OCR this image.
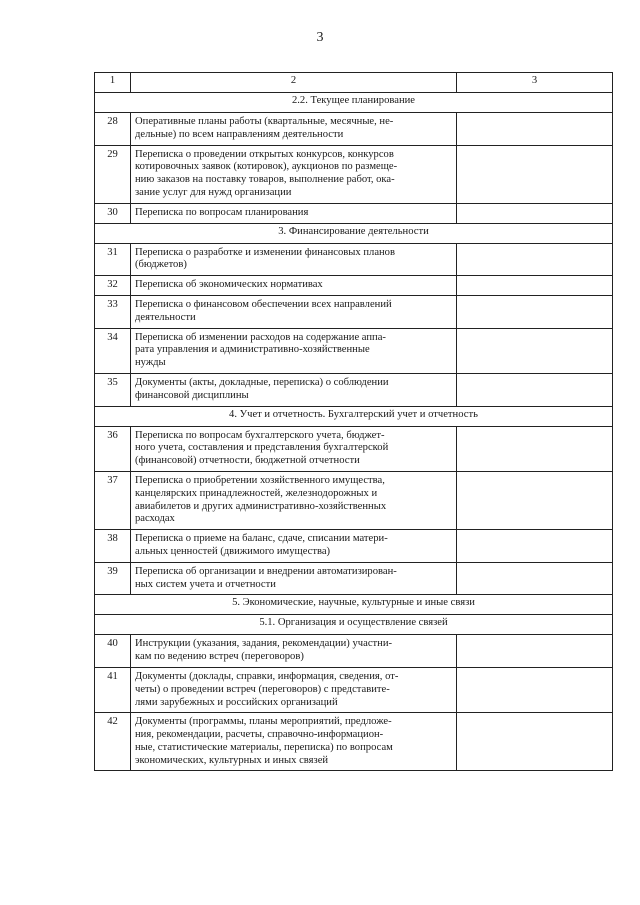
3
1	2	3
2.2. Текущее планирование		
28	Оперативные планы работы (квартальные, месячные, не-
дельные) по всем направлениям деятельности	

29	Переписка о проведении открытых конкурсов, конкурсов
котировочных заявок (котировок), аукционов по размеще-
нию заказов на поставку товаров, выполнение работ, ока-
зание услуг для нужд организации	

30	Переписка по вопросам планирования	

3. Финансирование деятельности		
31	Переписка о разработке и изменении финансовых планов
(бюджетов)	

32	Переписка об экономических нормативах	

33	Переписка о финансовом обеспечении всех направлений
деятельности	

34	Переписка об изменении расходов на содержание аппа-
рата управления и административно-хозяйственные
нужды	

35	Документы (акты, докладные, переписка) о соблюдении
финансовой дисциплины	

4. Учет и отчетность. Бухгалтерский учет и отчетность		
36	Переписка по вопросам бухгалтерского учета, бюджет-
ного учета, составления и представления бухгалтерской
(финансовой) отчетности, бюджетной отчетности	

37	Переписка о приобретении хозяйственного имущества,
канцелярских принадлежностей, железнодорожных и
авиабилетов и других административно-хозяйственных
расходах	

38	Переписка о приеме на баланс, сдаче, списании матери-
альных ценностей (движимого имущества)	

39	Переписка об организации и внедрении автоматизирован-
ных систем учета и отчетности	

5. Экономические, научные, культурные и иные связи		
5.1. Организация и осуществление связей		
40	Инструкции (указания, задания, рекомендации) участни-
кам по ведению встреч (переговоров)	

41	Документы (доклады, справки, информация, сведения, от-
четы) о проведении встреч (переговоров) с представите-
лями зарубежных и российских организаций	

42	Документы (программы, планы мероприятий, предложе-
ния, рекомендации, расчеты, справочно-информацион-
ные, статистические материалы, переписка) по вопросам
экономических, культурных и иных связей	
